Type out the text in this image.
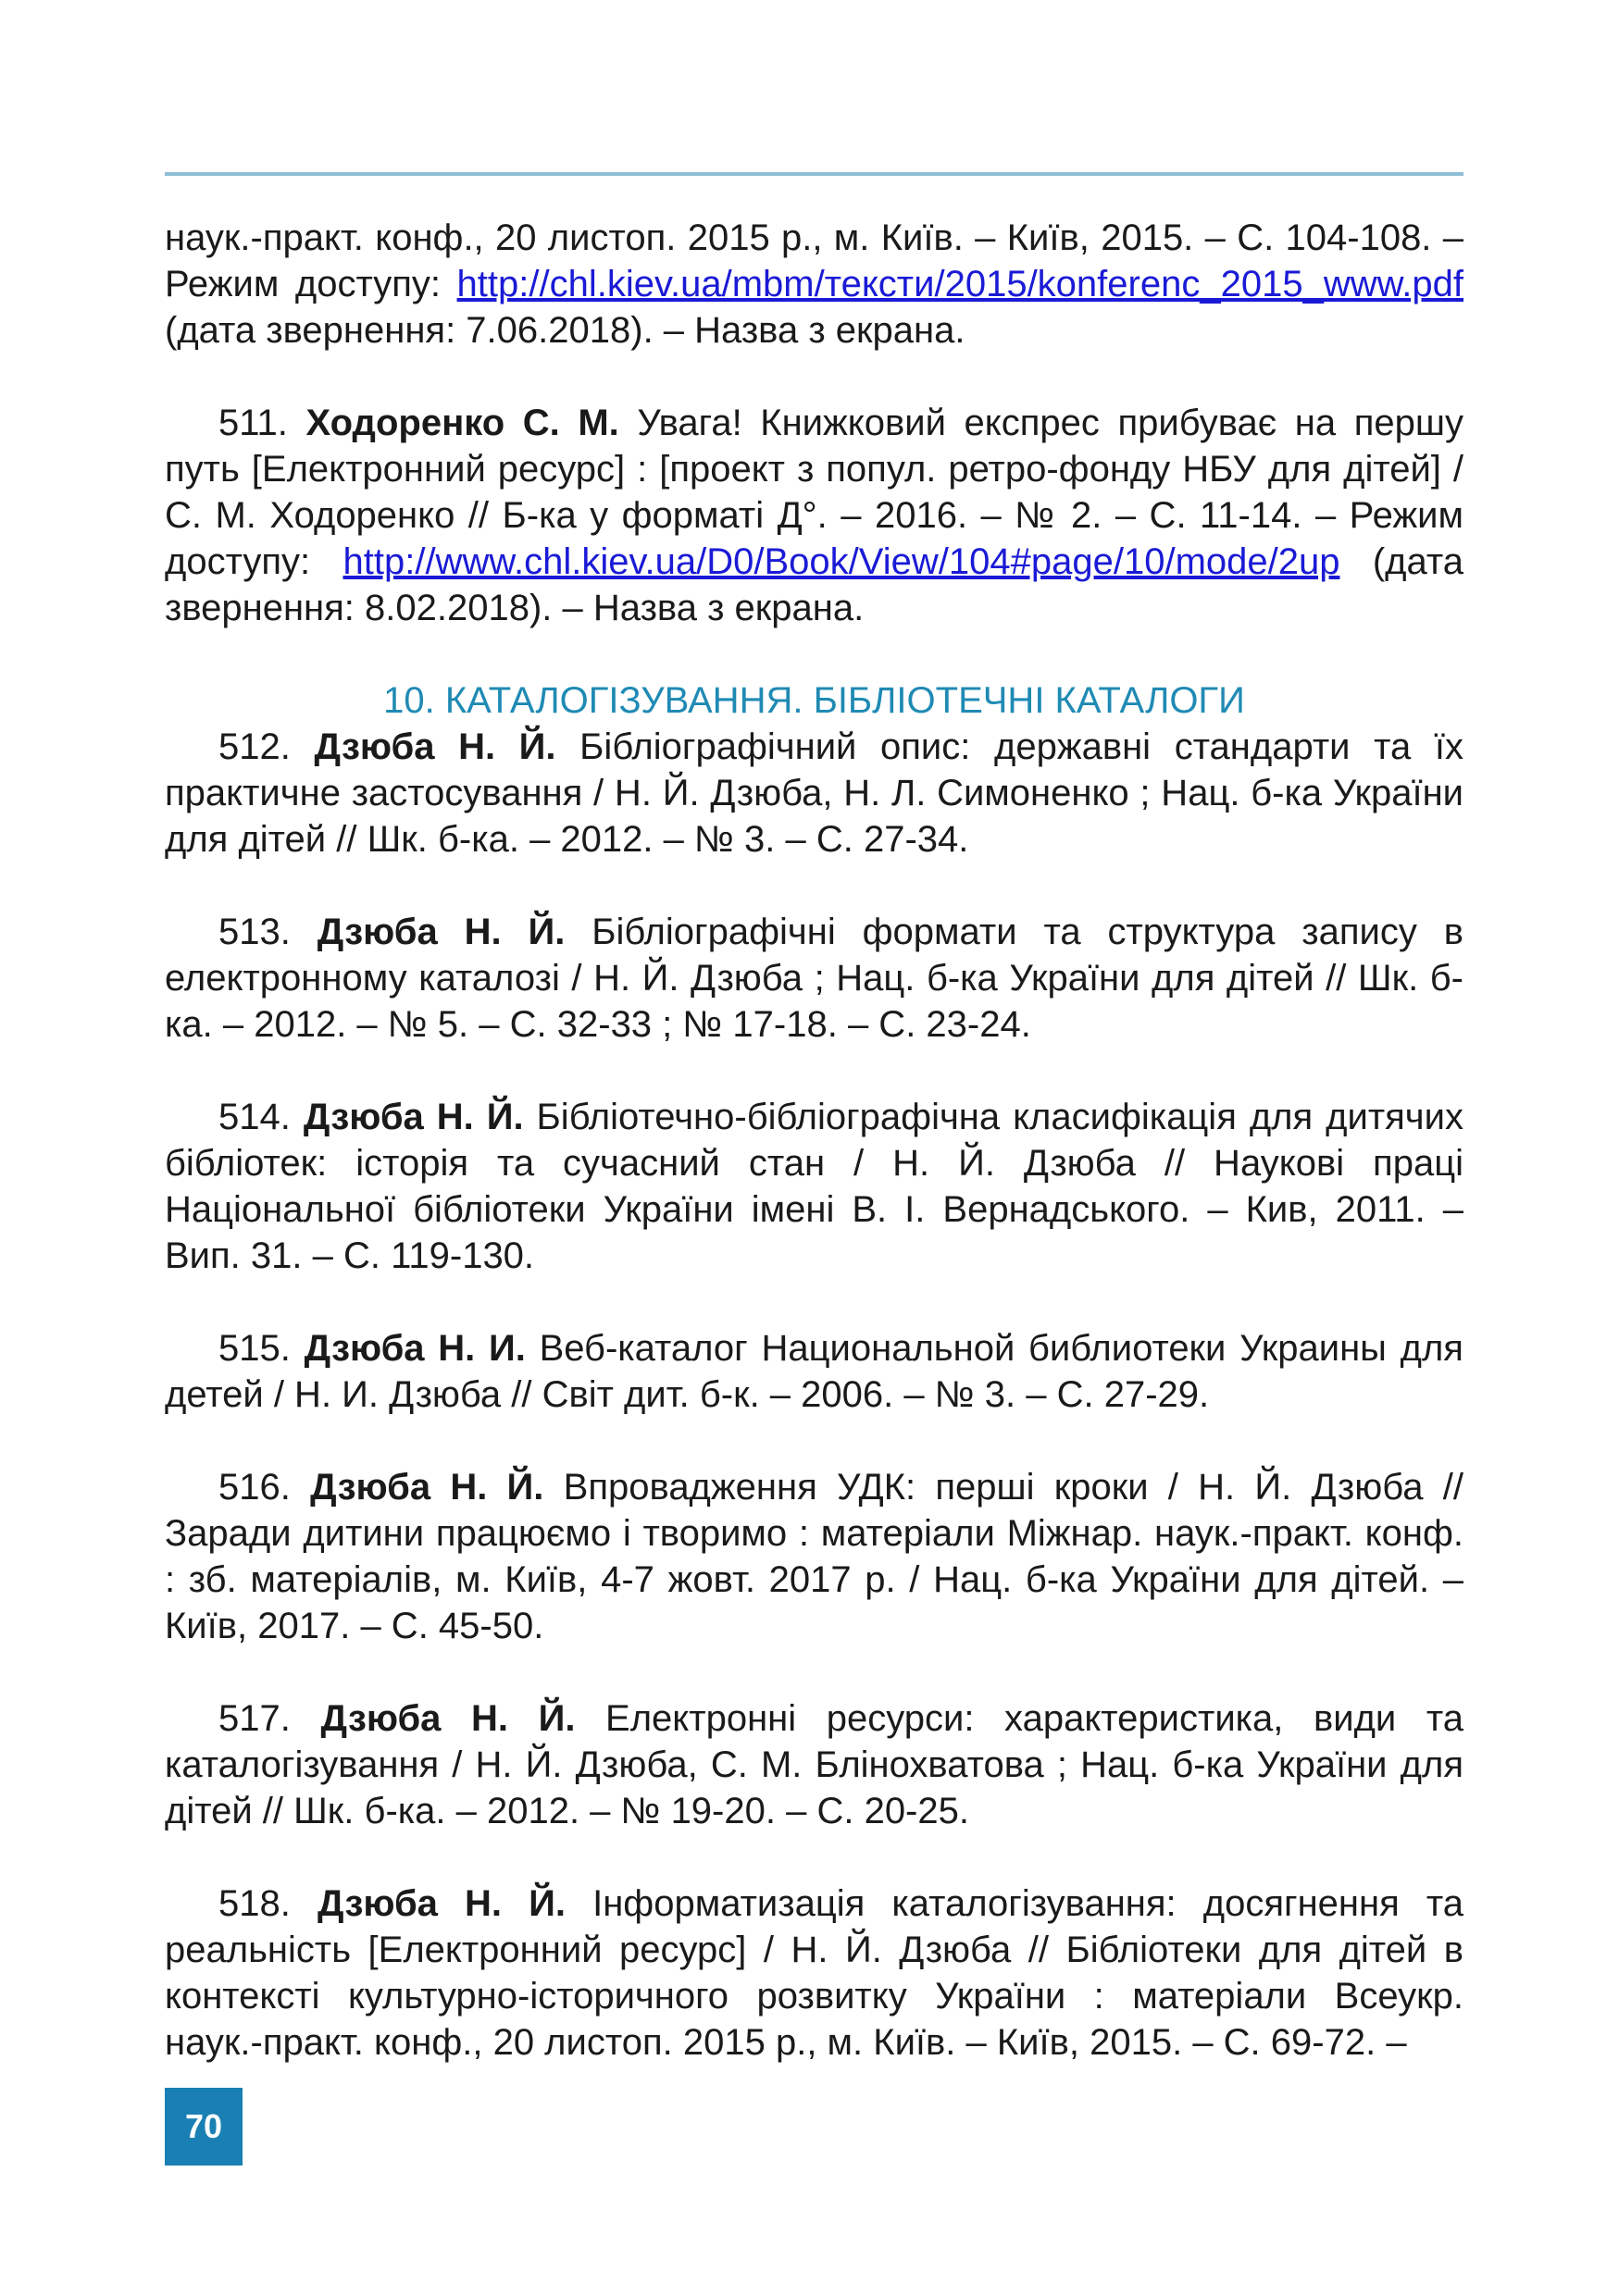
наук.-практ. конф., 20 листоп. 2015 р., м. Київ. – Київ, 2015. – С. 104-108. – Режим доступу: http://chl.kiev.ua/mbm/тексти/2015/konferenc_2015_www.pdf (дата звернення: 7.06.2018). – Назва з екрана.

511. Ходоренко С. М. Увага! Книжковий експрес прибуває на першу путь [Електронний ресурс] : [проект з попул. ретро-фонду НБУ для дітей] / С. М. Ходоренко // Б-ка у форматі Д°. – 2016. – № 2. – С. 11-14. – Режим доступу: http://www.chl.kiev.ua/D0/Book/View/104#page/10/mode/2up (дата звернення: 8.02.2018). – Назва з екрана.

10. КАТАЛОГІЗУВАННЯ. БІБЛІОТЕЧНІ КАТАЛОГИ

512. Дзюба Н. Й. Бібліографічний опис: державні стандарти та їх практичне застосування / Н. Й. Дзюба, Н. Л. Симоненко ; Нац. б-ка України для дітей // Шк. б-ка. – 2012. – № 3. – С. 27-34.

513. Дзюба Н. Й. Бібліографічні формати та структура запису в електронному каталозі / Н. Й. Дзюба ; Нац. б-ка України для дітей // Шк. б-ка. – 2012. – № 5. – С. 32-33 ; № 17-18. – С. 23-24.

514. Дзюба Н. Й. Бібліотечно-бібліографічна класифікація для дитячих бібліотек: історія та сучасний стан / Н. Й. Дзюба // Наукові праці Національної бібліотеки України імені В. І. Вернадського. – Кив, 2011. – Вип. 31. – С. 119-130.

515. Дзюба Н. И. Веб-каталог Национальной библиотеки Украины для детей / Н. И. Дзюба // Світ дит. б-к. – 2006. – № 3. – С. 27-29.

516. Дзюба Н. Й. Впровадження УДК: перші кроки / Н. Й. Дзюба // Заради дитини працюємо і творимо : матеріали Міжнар. наук.-практ. конф. : зб. матеріалів, м. Київ, 4-7 жовт. 2017 р. / Нац. б-ка України для дітей. – Київ, 2017. – С. 45-50.

517. Дзюба Н. Й. Електронні ресурси: характеристика, види та каталогізування / Н. Й. Дзюба, С. М. Блінохватова ; Нац. б-ка України для дітей // Шк. б-ка. – 2012. – № 19-20. – С. 20-25.

518. Дзюба Н. Й. Інформатизація каталогізування: досягнення та реальність [Електронний ресурс] / Н. Й. Дзюба // Бібліотеки для дітей в контексті культурно-історичного розвитку України : матеріали Всеукр. наук.-практ. конф., 20 листоп. 2015 р., м. Київ. – Київ, 2015. – С. 69-72. –

70
